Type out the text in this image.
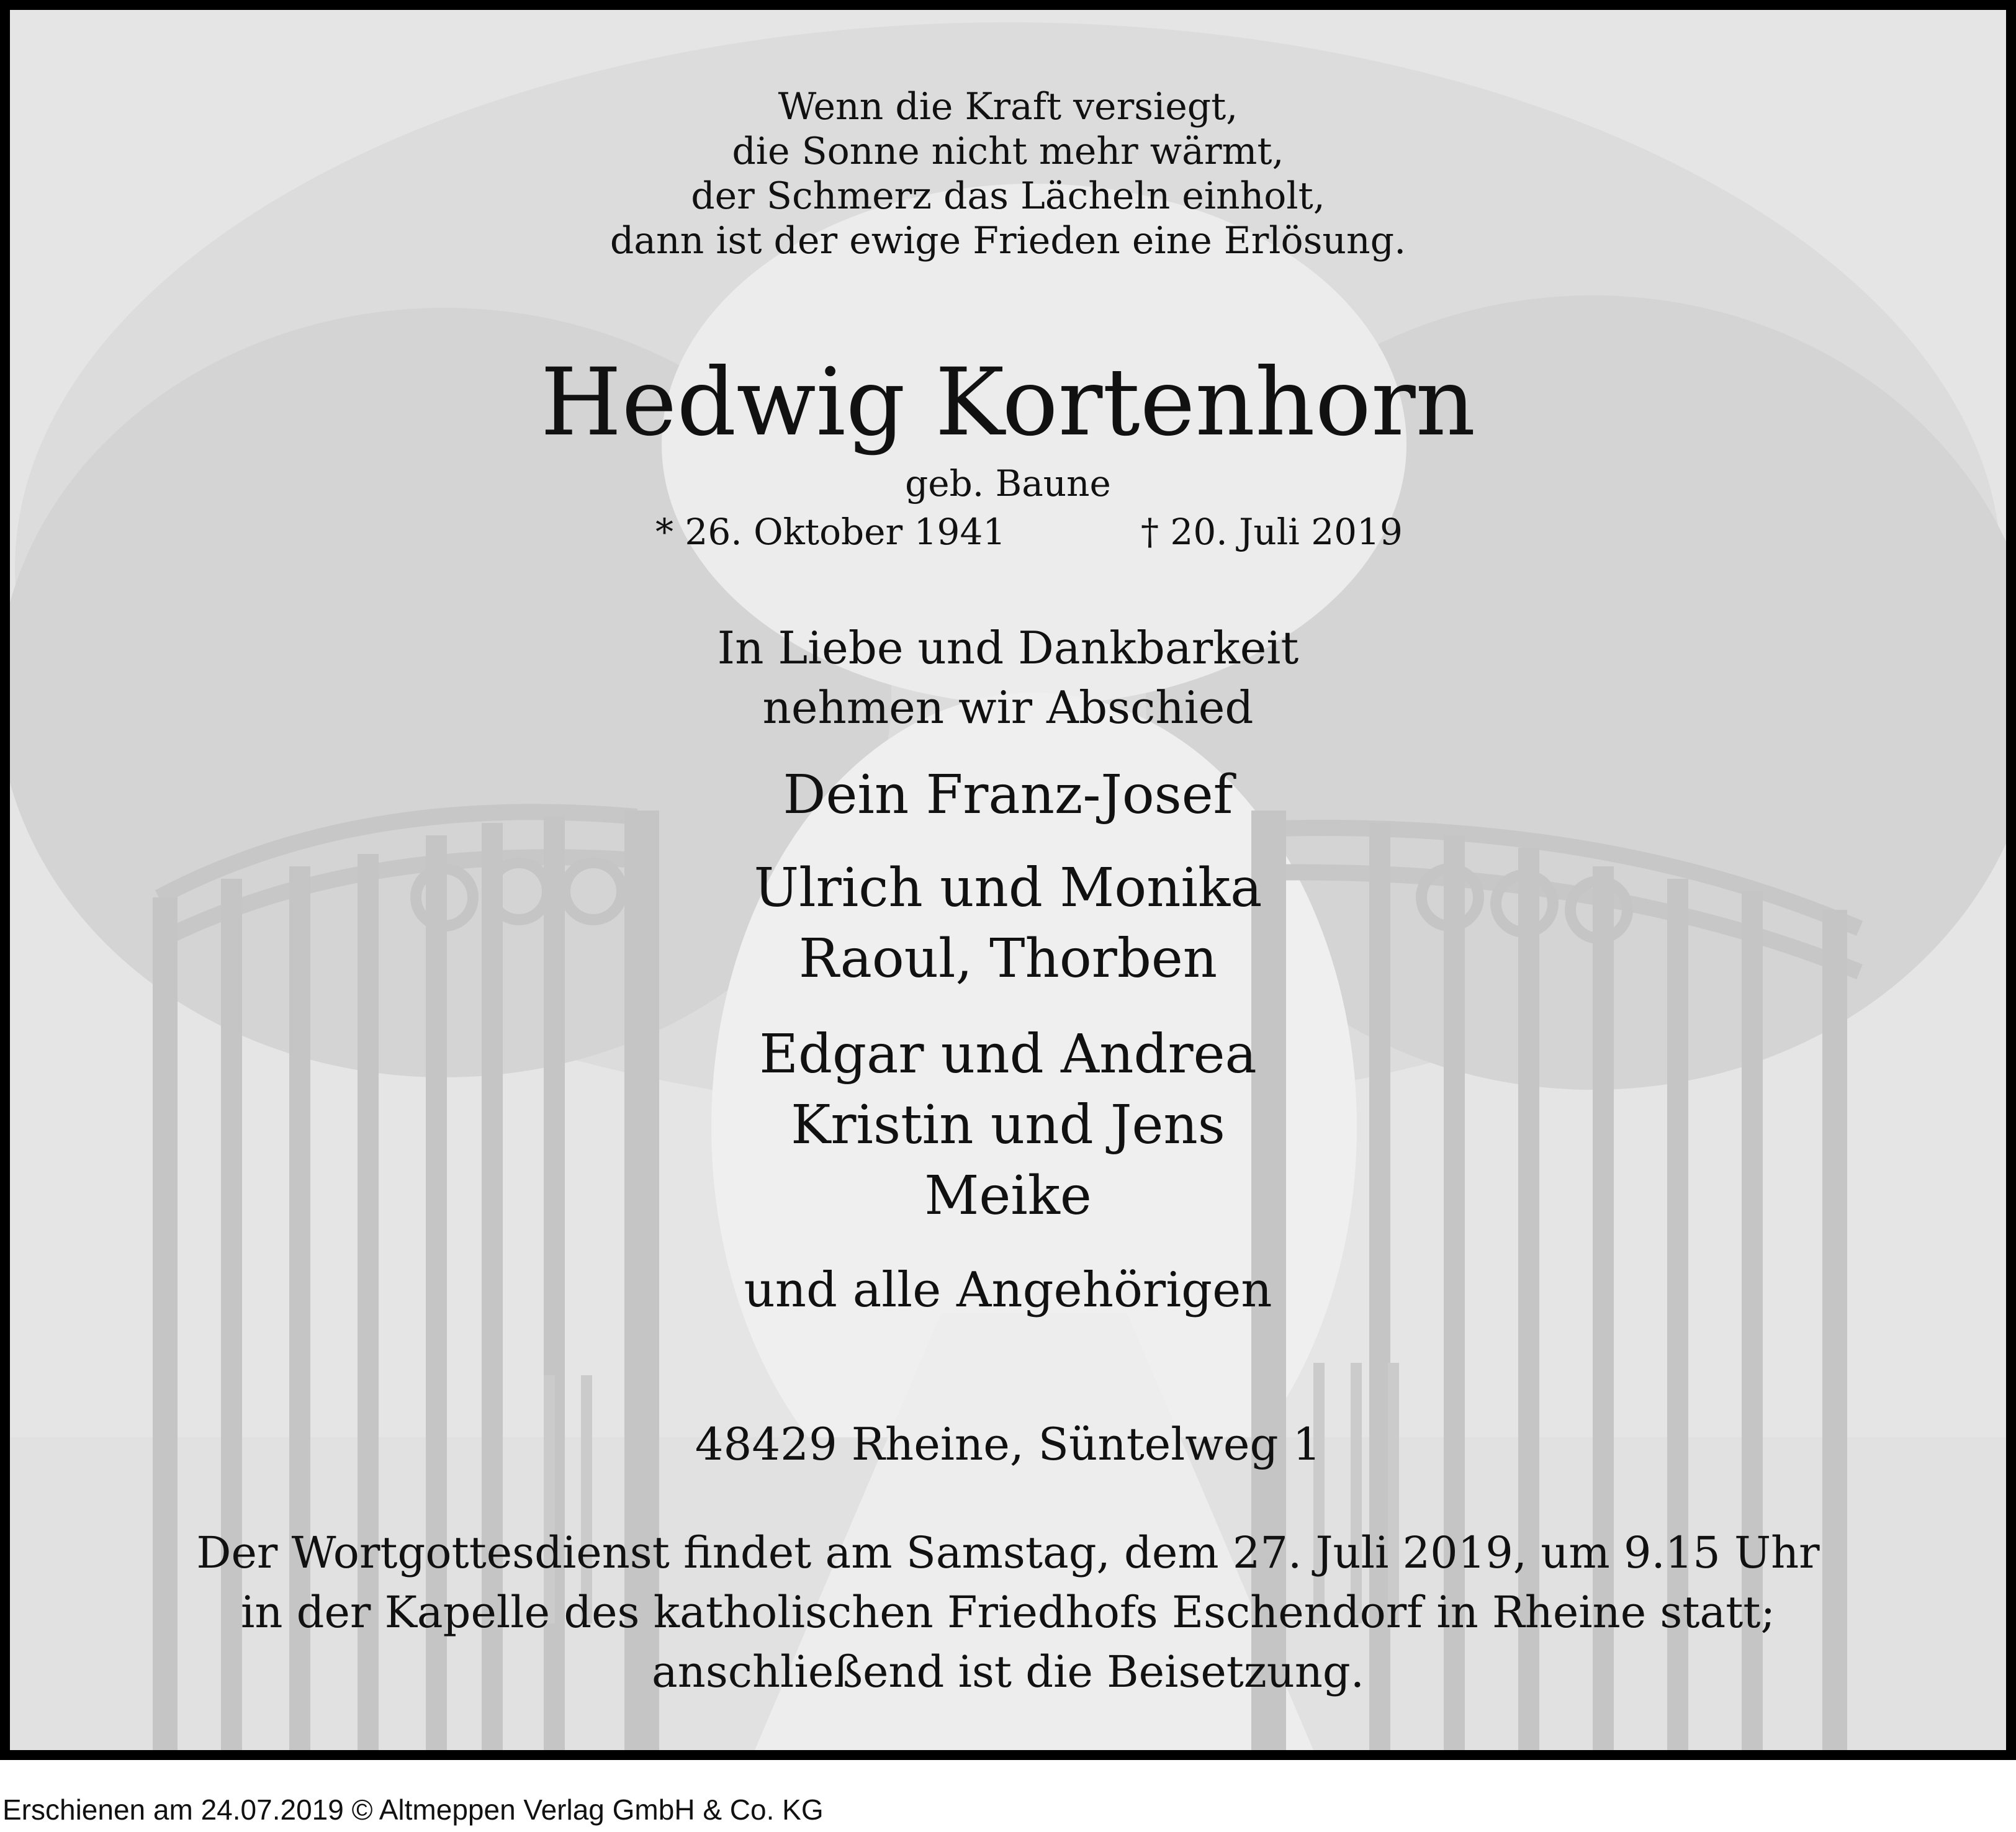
Wenn die Kraft versiegt,
die Sonne nicht mehr wärmt,
der Schmerz das Lächeln einholt,
dann ist der ewige Frieden eine Erlösung.
Hedwig Kortenhorn
geb. Baune
* 26. Oktober 1941	† 20. Juli 2019
In Liebe und Dankbarkeit
nehmen wir Abschied
Dein Franz-Josef
Ulrich und Monika
Raoul, Thorben
Edgar und Andrea
Kristin und Jens
Meike
und alle Angehörigen
48429 Rheine, Süntelweg 1
Der Wortgottesdienst findet am Samstag, dem 27. Juli 2019, um 9.15 Uhr
in der Kapelle des katholischen Friedhofs Eschendorf in Rheine statt;
anschließend ist die Beisetzung.
Erschienen am 24.07.2019 © Altmeppen Verlag GmbH & Co. KG
